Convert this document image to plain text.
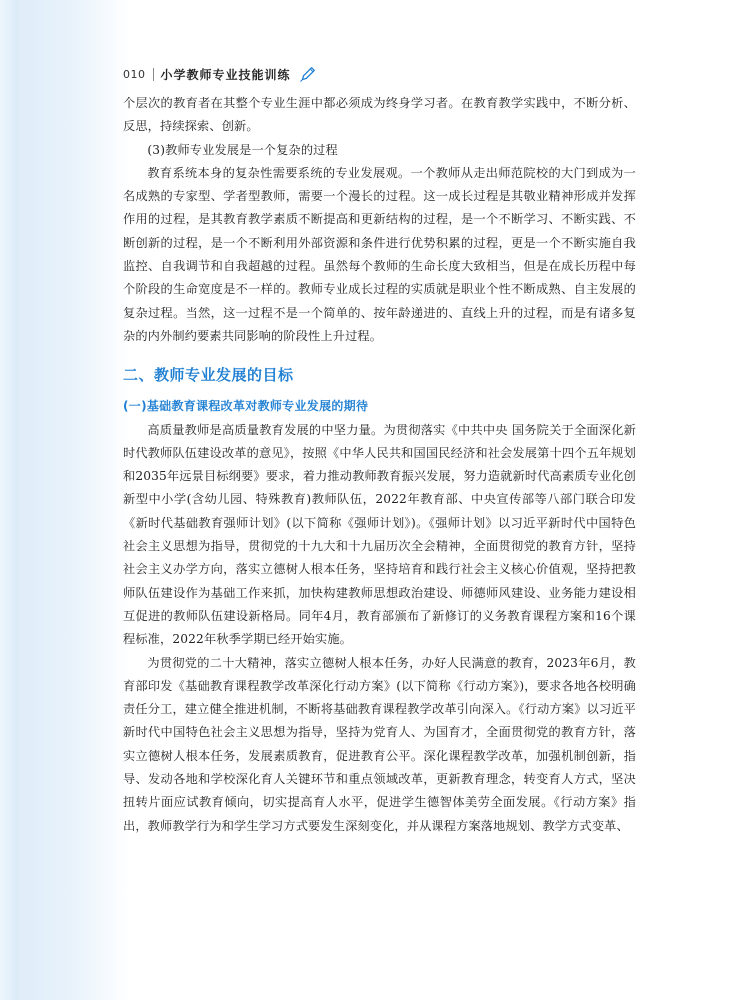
010 小学教师专业技能训练

个层次的教育者在其整个专业生涯中都必须成为终身学习者。在教育教学实践中，不断分析、反思，持续探索、创新。

(3)教师专业发展是一个复杂的过程

教育系统本身的复杂性需要系统的专业发展观。一个教师从走出师范院校的大门到成为一名成熟的专家型、学者型教师，需要一个漫长的过程。这一成长过程是其敬业精神形成并发挥作用的过程，是其教育教学素质不断提高和更新结构的过程，是一个不断学习、不断实践、不断创新的过程，是一个不断利用外部资源和条件进行优势积累的过程，更是一个不断实施自我监控、自我调节和自我超越的过程。虽然每个教师的生命长度大致相当，但是在成长历程中每个阶段的生命宽度是不一样的。教师专业成长过程的实质就是职业个性不断成熟、自主发展的复杂过程。当然，这一过程不是一个简单的、按年龄递进的、直线上升的过程，而是有诸多复杂的内外制约要素共同影响的阶段性上升过程。

二、教师专业发展的目标
(一)基础教育课程改革对教师专业发展的期待

高质量教师是高质量教育发展的中坚力量。为贯彻落实《中共中央 国务院关于全面深化新时代教师队伍建设改革的意见》，按照《中华人民共和国国民经济和社会发展第十四个五年规划和2035年远景目标纲要》要求，着力推动教师教育振兴发展，努力造就新时代高素质专业化创新型中小学(含幼儿园、特殊教育)教师队伍，2022年教育部、中央宣传部等八部门联合印发《新时代基础教育强师计划》(以下简称《强师计划》)。《强师计划》以习近平新时代中国特色社会主义思想为指导，贯彻党的十九大和十九届历次全会精神，全面贯彻党的教育方针，坚持社会主义办学方向，落实立德树人根本任务，坚持培育和践行社会主义核心价值观，坚持把教师队伍建设作为基础工作来抓，加快构建教师思想政治建设、师德师风建设、业务能力建设相互促进的教师队伍建设新格局。同年4月，教育部颁布了新修订的义务教育课程方案和16个课程标准，2022年秋季学期已经开始实施。

为贯彻党的二十大精神，落实立德树人根本任务，办好人民满意的教育，2023年6月，教育部印发《基础教育课程教学改革深化行动方案》(以下简称《行动方案》)，要求各地各校明确责任分工，建立健全推进机制，不断将基础教育课程教学改革引向深入。《行动方案》以习近平新时代中国特色社会主义思想为指导，坚持为党育人、为国育才，全面贯彻党的教育方针，落实立德树人根本任务，发展素质教育，促进教育公平。深化课程教学改革，加强机制创新，指导、发动各地和学校深化育人关键环节和重点领域改革，更新教育理念，转变育人方式，坚决扭转片面应试教育倾向，切实提高育人水平，促进学生德智体美劳全面发展。《行动方案》指出，教师教学行为和学生学习方式要发生深刻变化，并从课程方案落地规划、教学方式变革、
